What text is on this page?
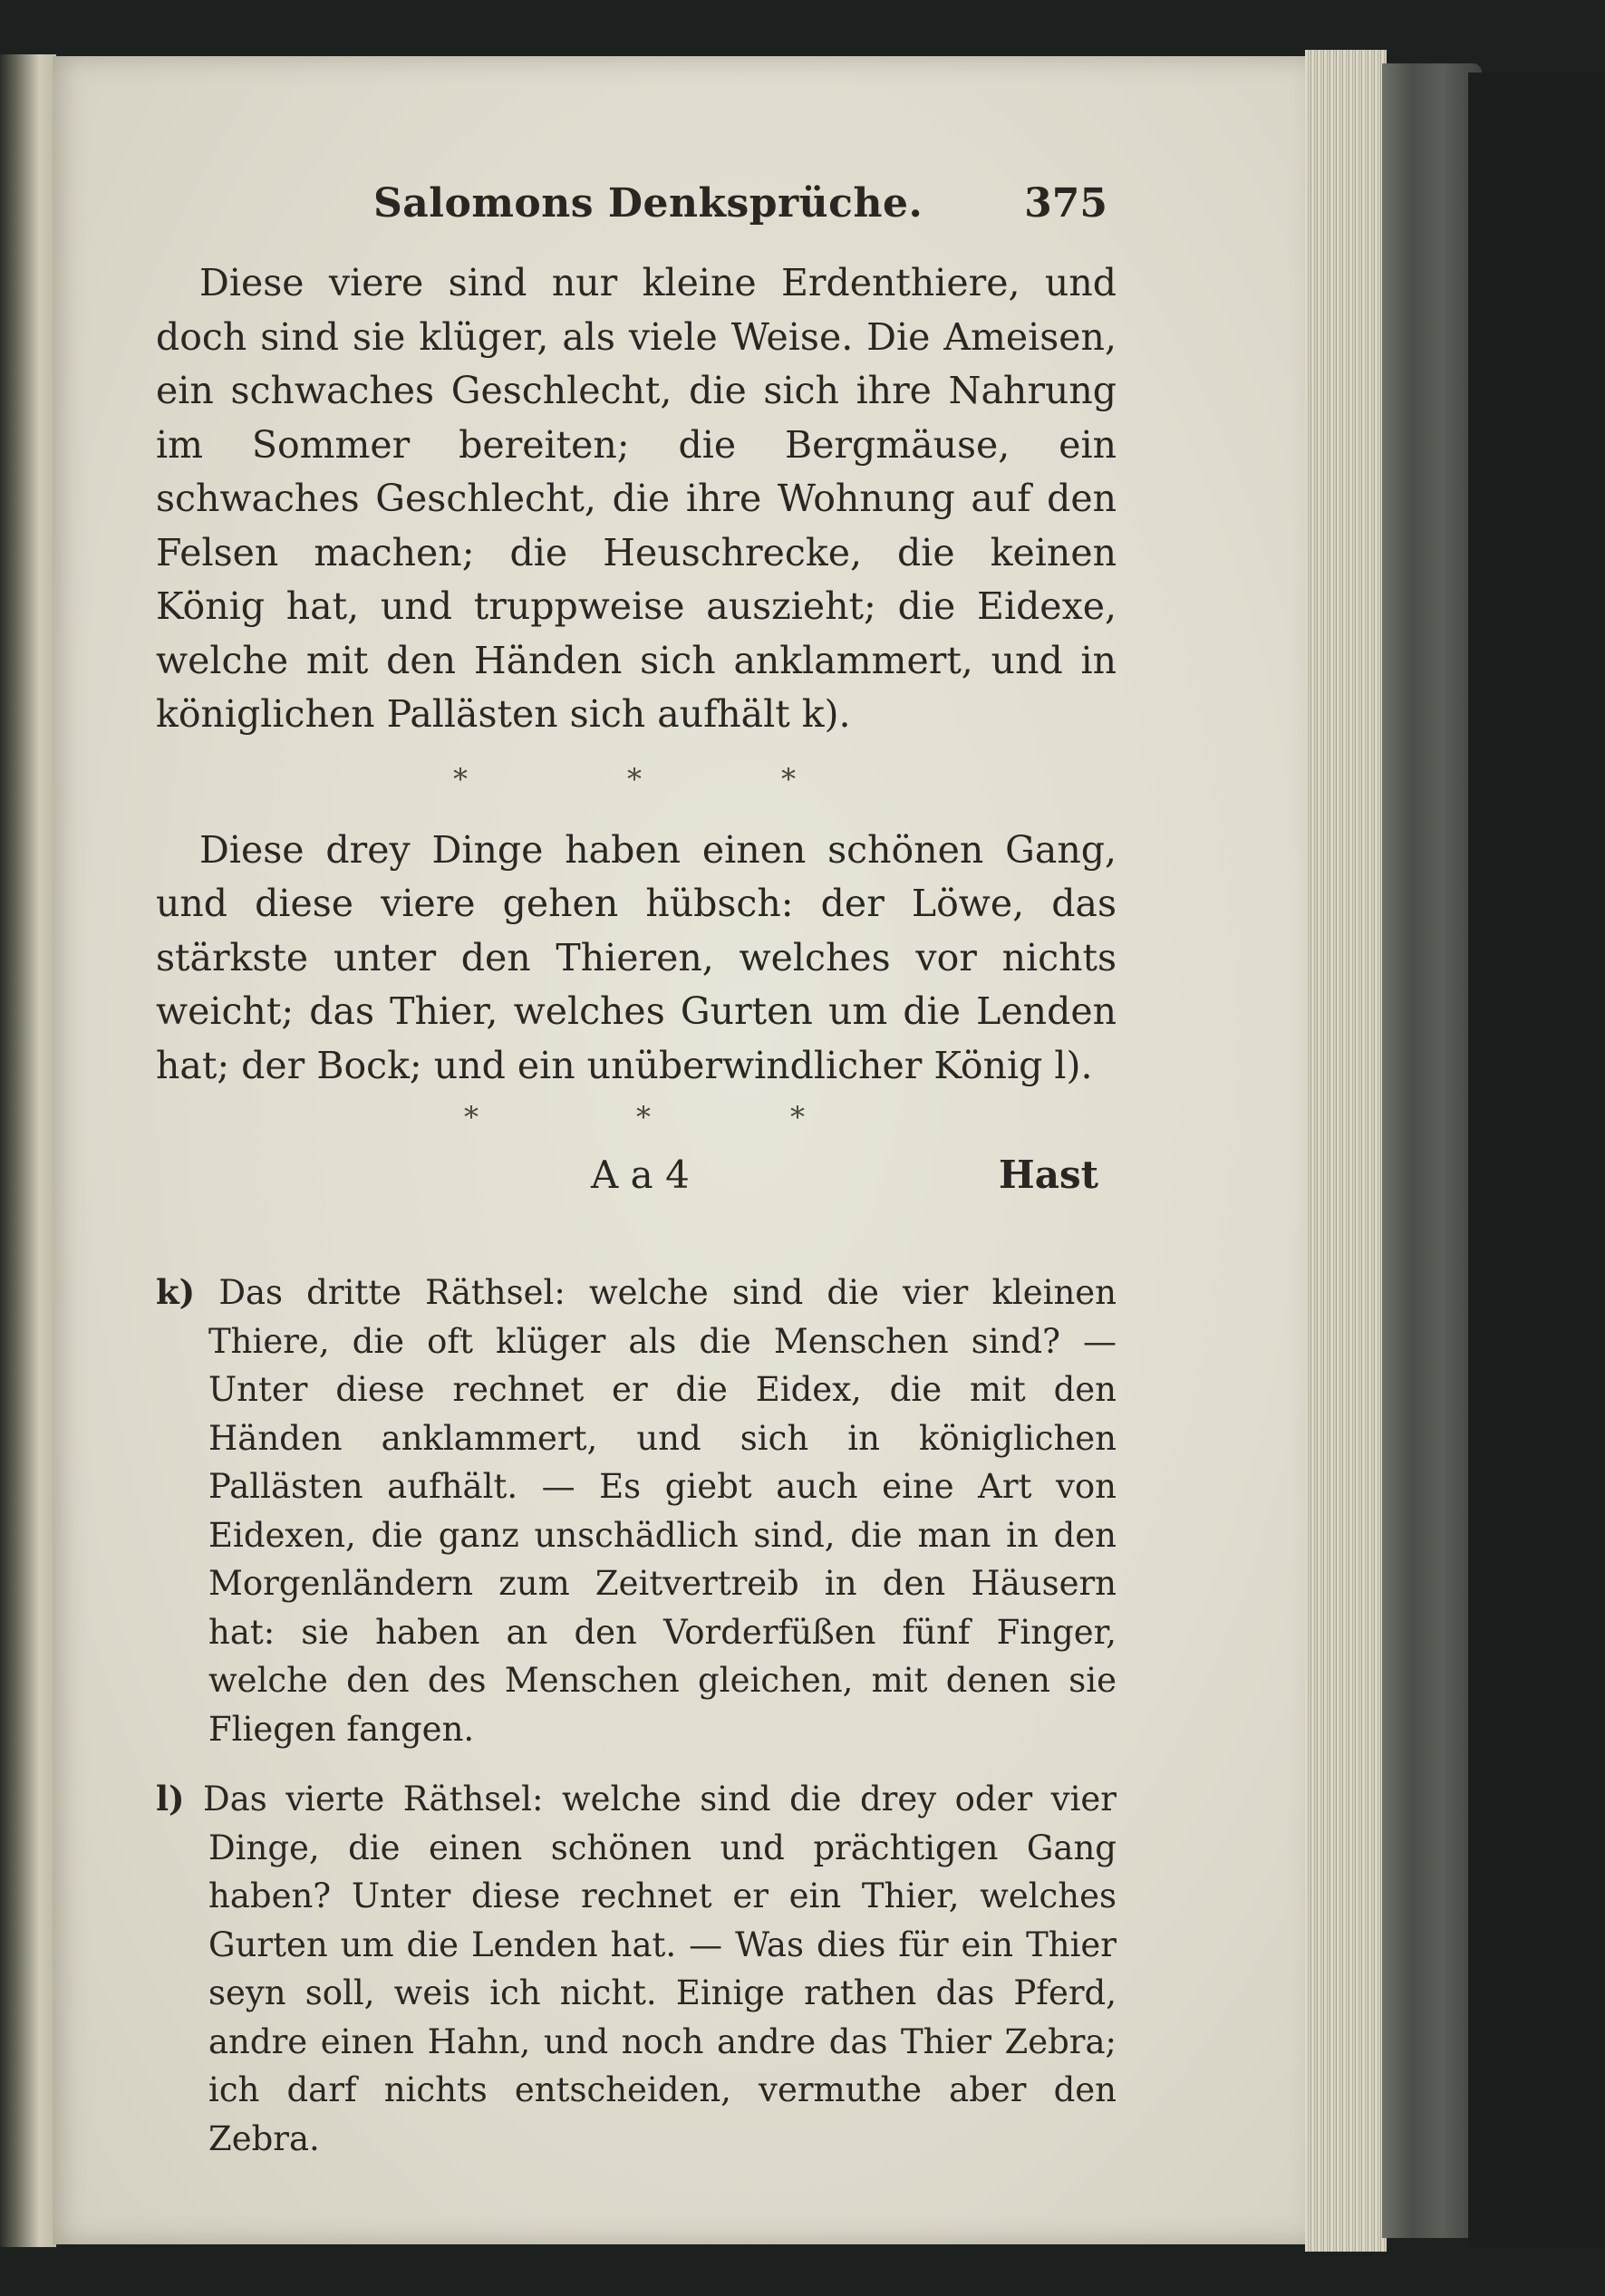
Salomons Denksprüche.	375

Diese viere sind nur kleine Erdenthiere, und doch sind sie klüger, als viele Weise. Die Ameisen, ein schwaches Geschlecht, die sich ihre Nahrung im Sommer bereiten; die Bergmäuse, ein schwaches Geschlecht, die ihre Wohnung auf den Felsen machen; die Heuschrecke, die keinen König hat, und truppweise auszieht; die Eidexe, welche mit den Händen sich anklammert, und in königlichen Pallästen sich aufhält k).

*	*	*

Diese drey Dinge haben einen schönen Gang, und diese viere gehen hübsch: der Löwe, das stärkste unter den Thieren, welches vor nichts weicht; das Thier, welches Gurten um die Lenden hat; der Bock; und ein unüberwindlicher König l).

*	*	*
A a 4	Hast

k) Das dritte Räthsel: welche sind die vier kleinen Thiere, die oft klüger als die Menschen sind? — Unter diese rechnet er die Eidex, die mit den Händen anklammert, und sich in königlichen Pallästen aufhält. — Es giebt auch eine Art von Eidexen, die ganz unschädlich sind, die man in den Morgenländern zum Zeitvertreib in den Häusern hat: sie haben an den Vorderfüßen fünf Finger, welche den des Menschen gleichen, mit denen sie Fliegen fangen.

l) Das vierte Räthsel: welche sind die drey oder vier Dinge, die einen schönen und prächtigen Gang haben? Unter diese rechnet er ein Thier, welches Gurten um die Lenden hat. — Was dies für ein Thier seyn soll, weis ich nicht. Einige rathen das Pferd, andre einen Hahn, und noch andre das Thier Zebra; ich darf nichts entscheiden, vermuthe aber den Zebra.
